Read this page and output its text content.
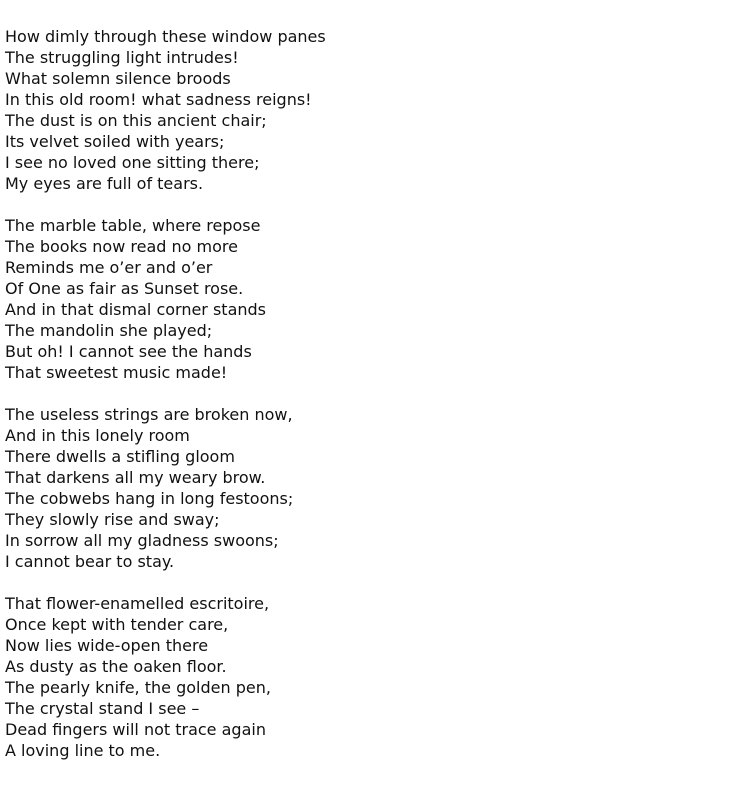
How dimly through these window panes
The struggling light intrudes!
What solemn silence broods
In this old room! what sadness reigns!
The dust is on this ancient chair;
Its velvet soiled with years;
I see no loved one sitting there;
My eyes are full of tears.
The marble table, where repose
The books now read no more
Reminds me o’er and o’er
Of One as fair as Sunset rose.
And in that dismal corner stands
The mandolin she played;
But oh! I cannot see the hands
That sweetest music made!
The useless strings are broken now,
And in this lonely room
There dwells a stifling gloom
That darkens all my weary brow.
The cobwebs hang in long festoons;
They slowly rise and sway;
In sorrow all my gladness swoons;
I cannot bear to stay.
That flower-enamelled escritoire,
Once kept with tender care,
Now lies wide-open there
As dusty as the oaken floor.
The pearly knife, the golden pen,
The crystal stand I see –
Dead fingers will not trace again
A loving line to me.
